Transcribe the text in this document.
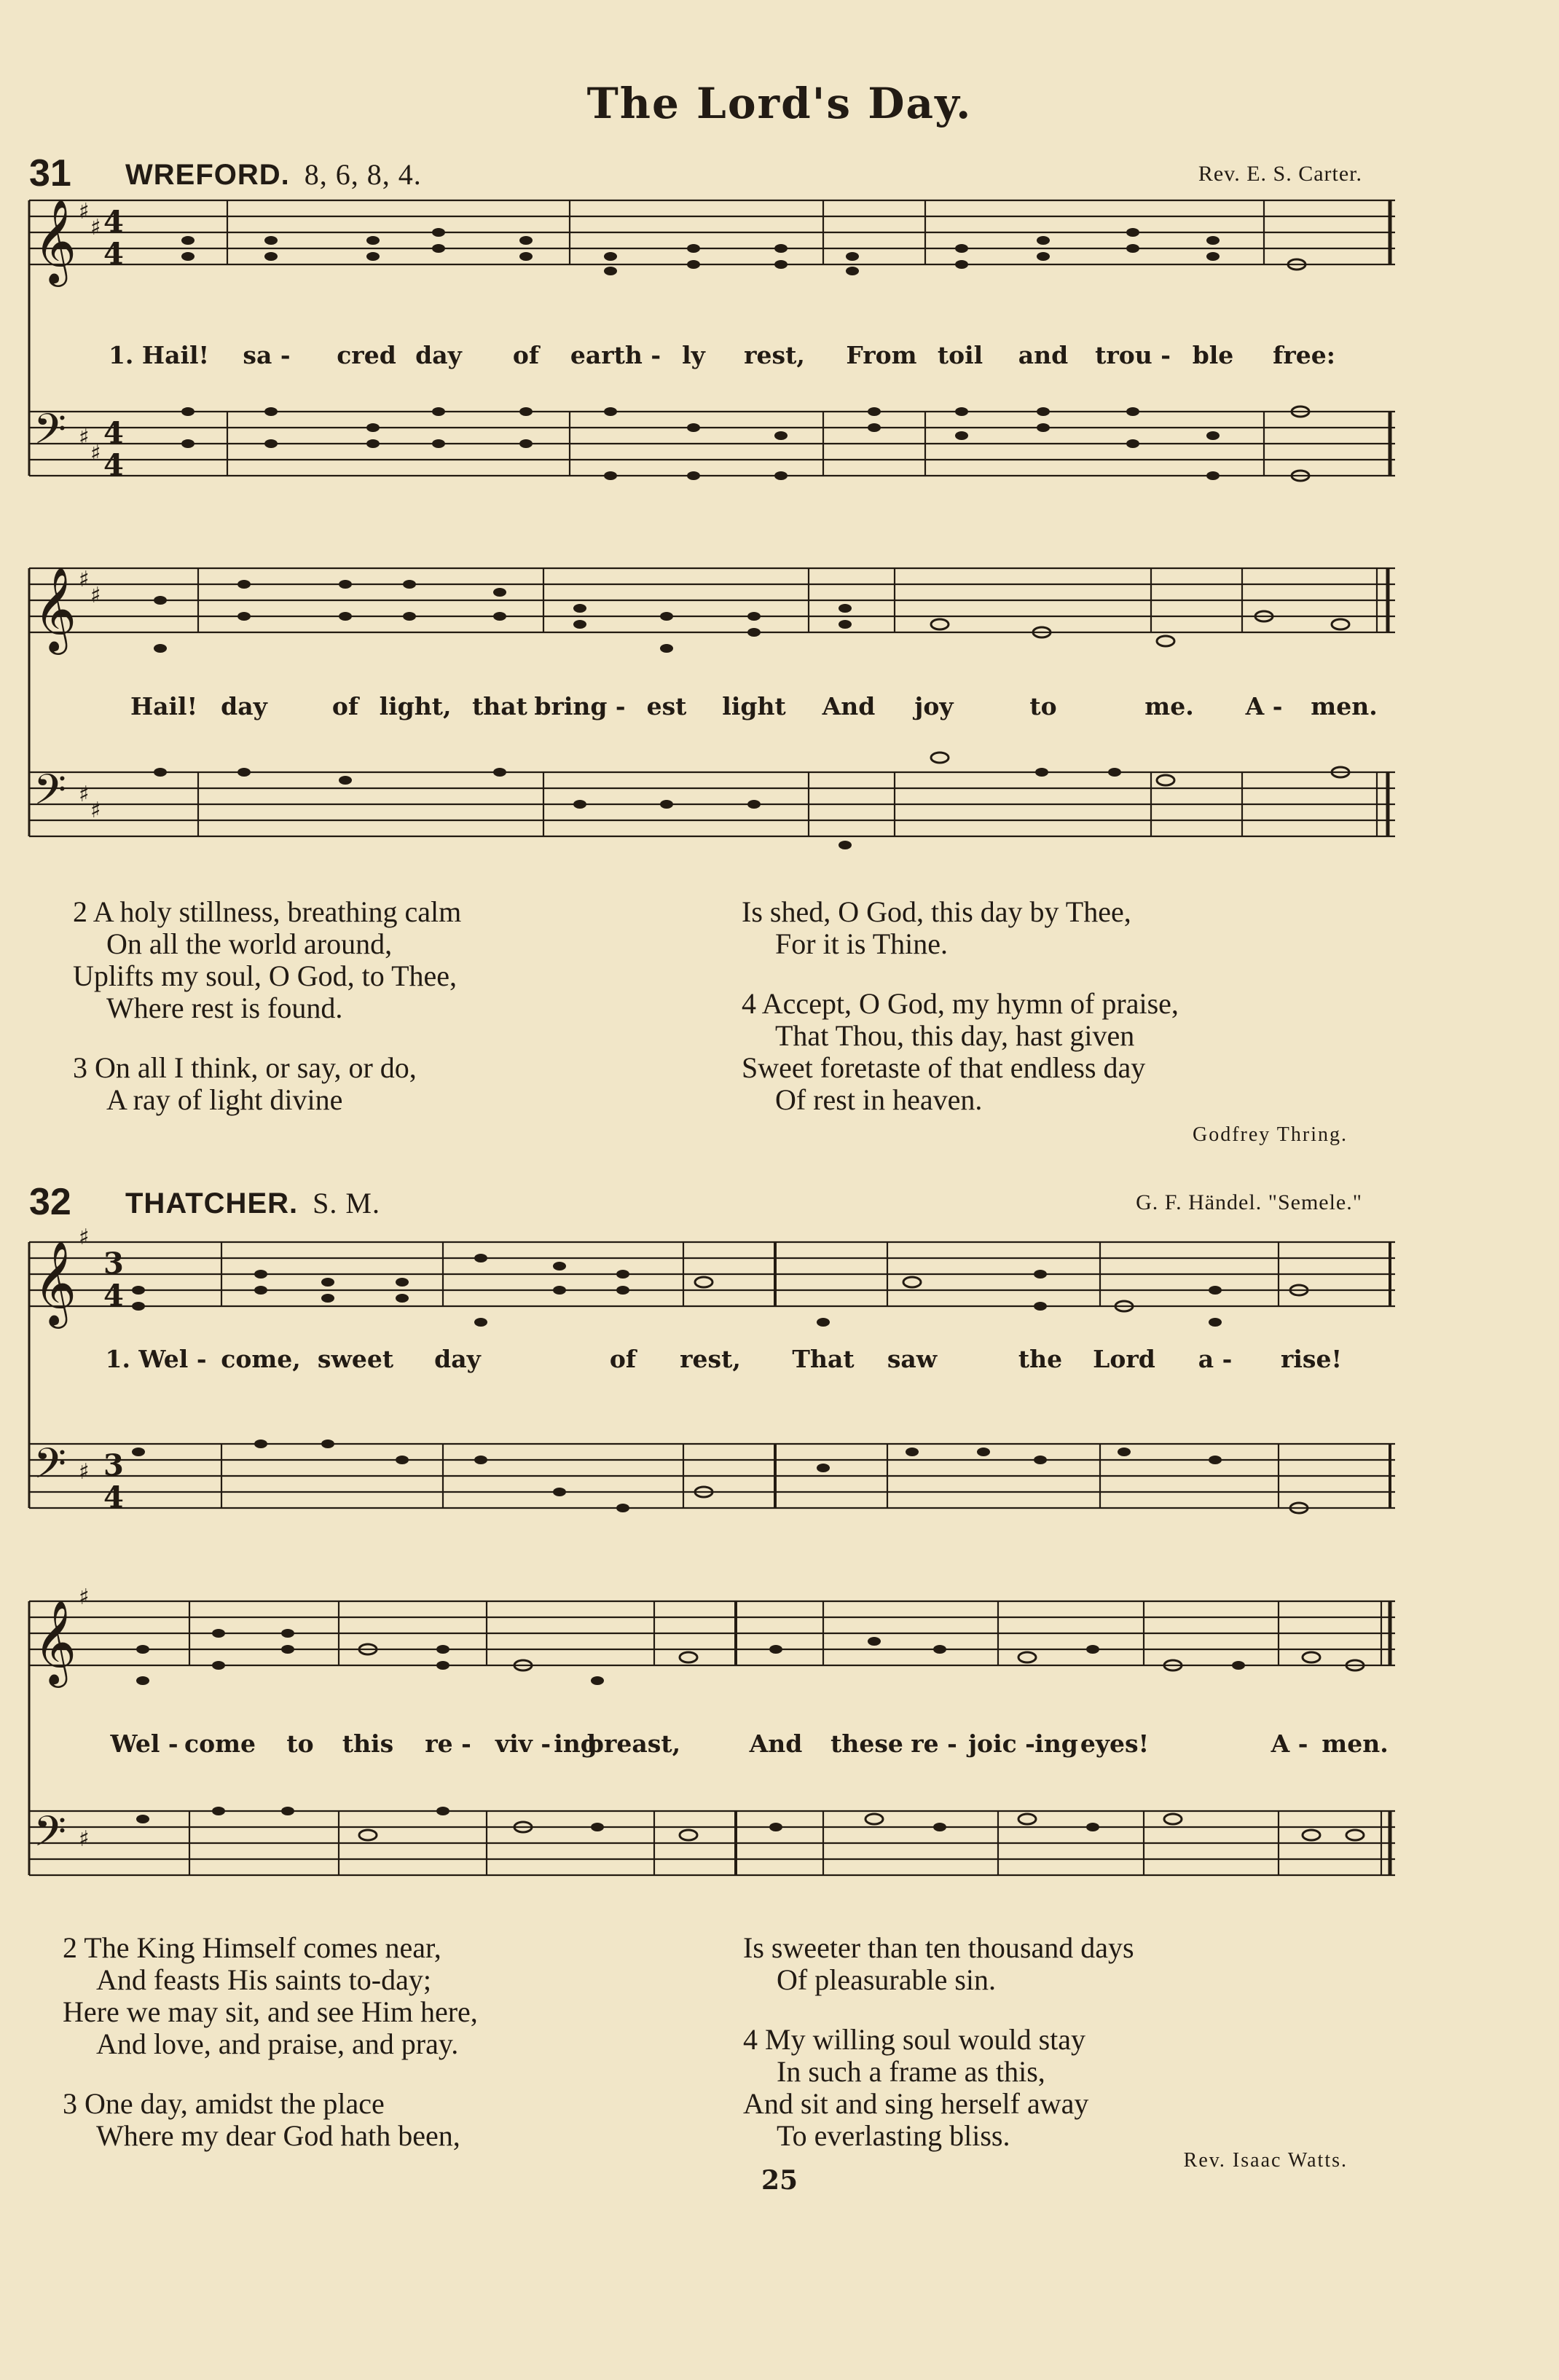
The Lord's Day.
31 WREFORD. 8, 6, 8, 4.	Rev. E. S. Carter.
𝄞
𝄢
𝄞
𝄢
♯
♯ 4
4
♯
♯
4
4
♯
♯
♯
♯
1. Hail! sa - cred day of earth - ly rest, From toil and trou - ble free:
Hail! day	of light, that bring - est light And joy	to	me. A - men.
2 A holy stillness, breathing calm
On all the world around,
Uplifts my soul, O God, to Thee,
Where rest is found.
3 On all I think, or say, or do,
A ray of light divine
Is shed, O God, this day by Thee,
For it is Thine.
4 Accept, O God, my hymn of praise,
That Thou, this day, hast given
Sweet foretaste of that endless day
Of rest in heaven.
Godfrey Thring.
32 THATCHER. S. M.	G. F. Händel. "Semele."
𝄞
𝄢
𝄞
𝄢
♯
3
4
♯ 3
4
♯
♯
1. Wel - come, sweet day	of rest, That saw	the Lord a - rise!
Wel - come to this re - viv - ing
breast,	And these re - joic - ing eyes!	A - men.
2 The King Himself comes near,
And feasts His saints to-day;
Here we may sit, and see Him here,
And love, and praise, and pray.
3 One day, amidst the place
Where my dear God hath been,
Is sweeter than ten thousand days
Of pleasurable sin.
4 My willing soul would stay
In such a frame as this,
And sit and sing herself away
To everlasting bliss.
Rev. Isaac Watts.
25
